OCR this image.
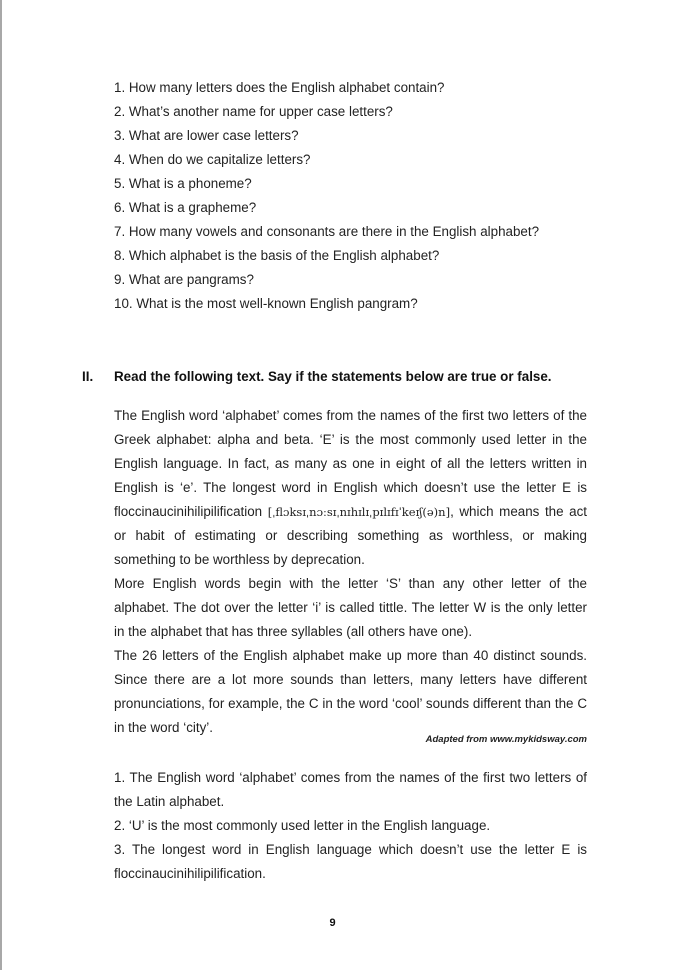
1. How many letters does the English alphabet contain?
2. What’s another name for upper case letters?
3. What are lower case letters?
4. When do we capitalize letters?
5. What is a phoneme?
6. What is a grapheme?
7. How many vowels and consonants are there in the English alphabet?
8. Which alphabet is the basis of the English alphabet?
9. What are pangrams?
10. What is the most well-known English pangram?
II. Read the following text. Say if the statements below are true or false.

The English word ‘alphabet’ comes from the names of the first two letters of the Greek alphabet: alpha and beta. ‘E’ is the most commonly used letter in the English language. In fact, as many as one in eight of all the letters written in English is ‘e’. The longest word in English which doesn’t use the letter E is floccinaucinihilipilification [ˌflɔksɪˌnɔːsɪˌnɪhɪlɪˌpɪlɪfɪˈkeɪʃ(ə)n], which means the act or habit of estimating or describing something as worthless, or making something to be worthless by deprecation.

More English words begin with the letter ‘S’ than any other letter of the alphabet. The dot over the letter ‘i’ is called tittle. The letter W is the only letter in the alphabet that has three syllables (all others have one).

The 26 letters of the English alphabet make up more than 40 distinct sounds. Since there are a lot more sounds than letters, many letters have different pronunciations, for example, the C in the word ‘cool’ sounds different than the C in the word ‘city’.

Adapted from www.mykidsway.com

1. The English word ‘alphabet’ comes from the names of the first two letters of the Latin alphabet.

2. ‘U’ is the most commonly used letter in the English language.

3. The longest word in English language which doesn’t use the letter E is floccinaucinihilipilification.

9
